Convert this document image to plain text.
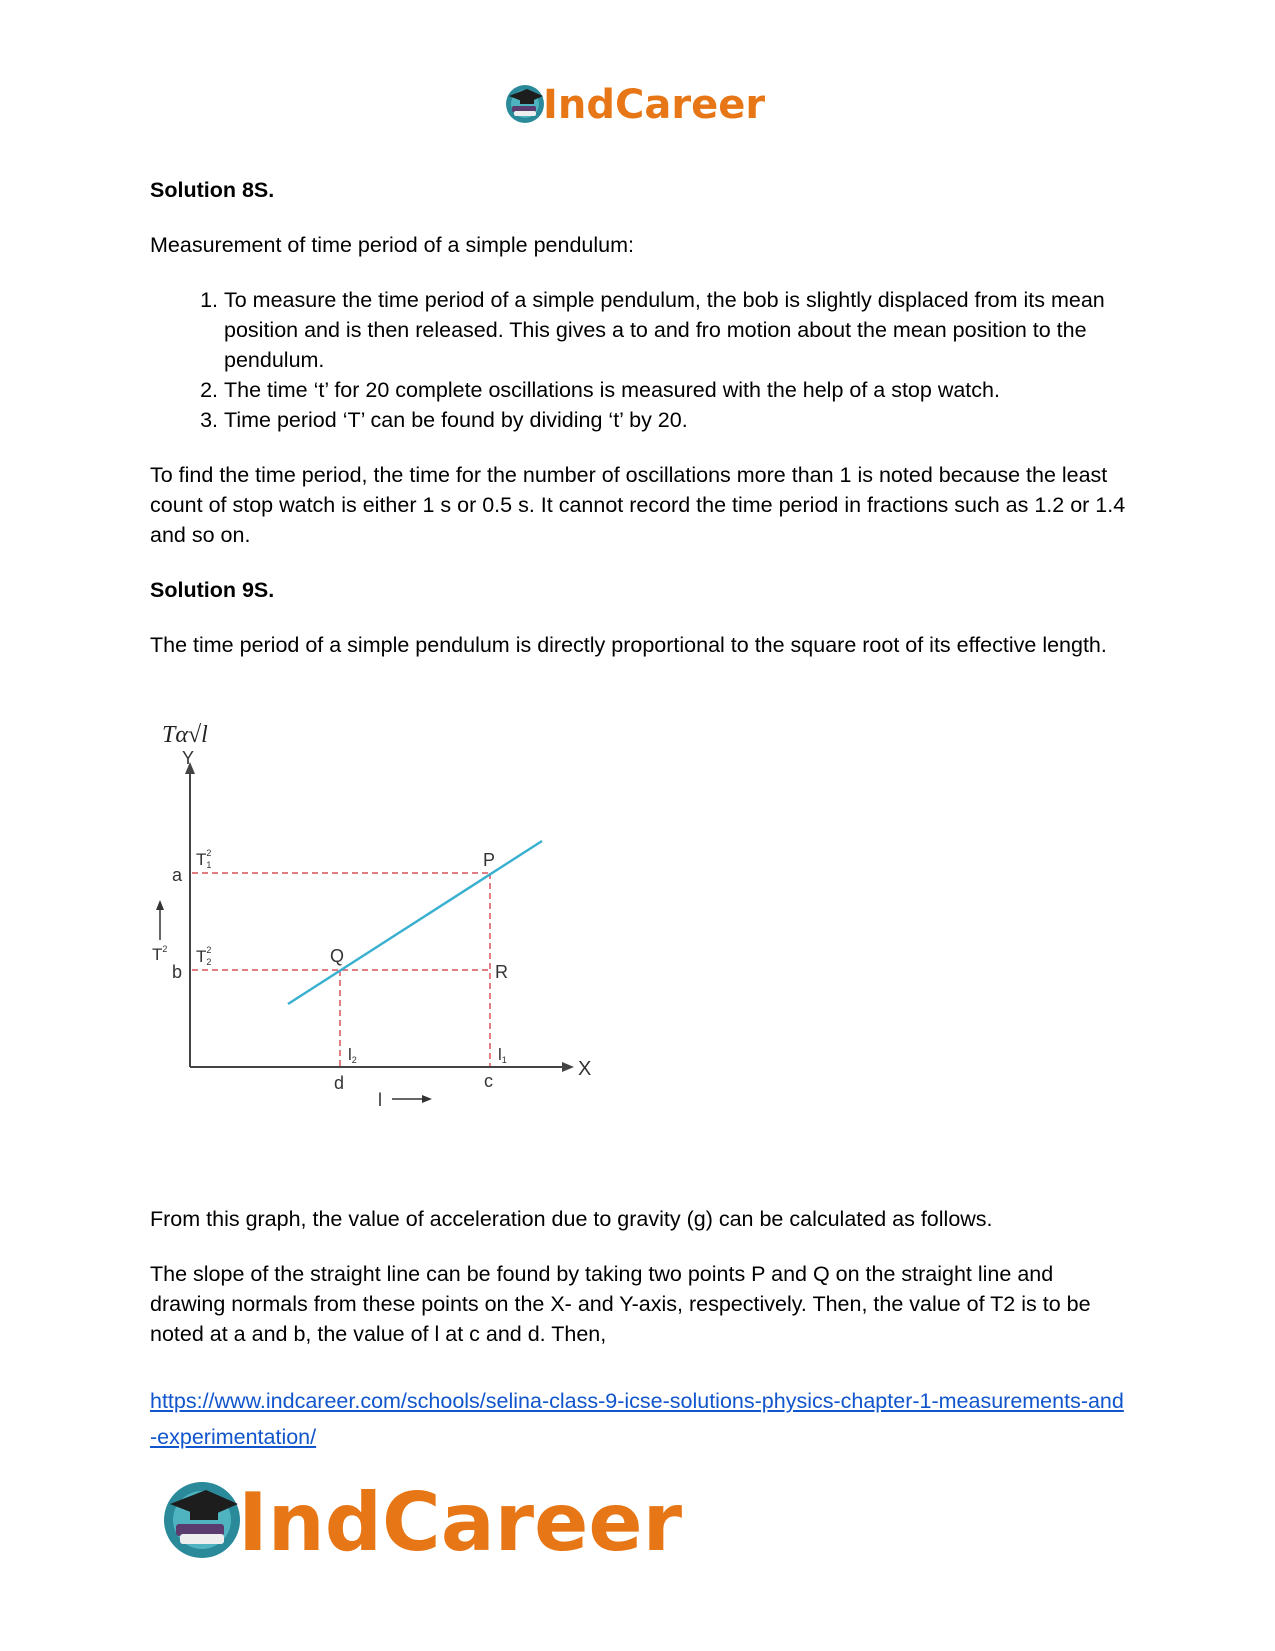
IndCareer
Solution 8S.

Measurement of time period of a simple pendulum:

1. To measure the time period of a simple pendulum, the bob is slightly displaced from its mean position and is then released. This gives a to and fro motion about the mean position to the pendulum.
2. The time ‘t’ for 20 complete oscillations is measured with the help of a stop watch.
3. Time period ‘T’ can be found by dividing ‘t’ by 20.

To find the time period, the time for the number of oscillations more than 1 is noted because the least count of stop watch is either 1 s or 0.5 s. It cannot record the time period in fractions such as 1.2 or 1.4 and so on.

Solution 9S.

The time period of a simple pendulum is directly proportional to the square root of its effective length.

Tα√l
Y
X
a
b
c
d
T12
T22
l2	l1
P
Q
R
$T^2$
l

From this graph, the value of acceleration due to gravity (g) can be calculated as follows.

The slope of the straight line can be found by taking two points P and Q on the straight line and drawing normals from these points on the X- and Y-axis, respectively. Then, the value of T2 is to be noted at a and b, the value of l at c and d. Then,

https://www.indcareer.com/schools/selina-class-9-icse-solutions-physics-chapter-1-measurements-and-experimentation/
IndCareer
